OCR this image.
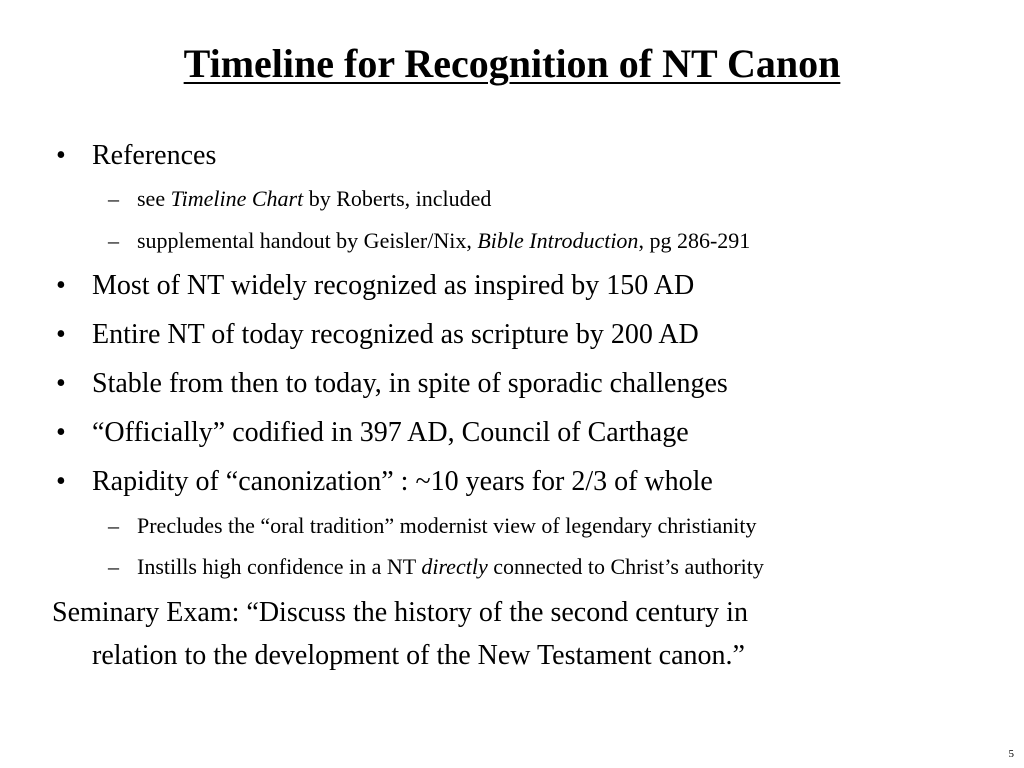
Timeline for Recognition of NT Canon
• References
– see Timeline Chart by Roberts, included
– supplemental handout by Geisler/Nix, Bible Introduction, pg 286-291
• Most of NT widely recognized as inspired by 150 AD
• Entire NT of today recognized as scripture by 200 AD
• Stable from then to today, in spite of sporadic challenges
• “Officially” codified in 397 AD, Council of Carthage
• Rapidity of “canonization” : ~10 years for 2/3 of whole
– Precludes the “oral tradition” modernist view of legendary christianity
– Instills high confidence in a NT directly connected to Christ’s authority
Seminary Exam: “Discuss the history of the second century in
relation to the development of the New Testament canon.”
5
